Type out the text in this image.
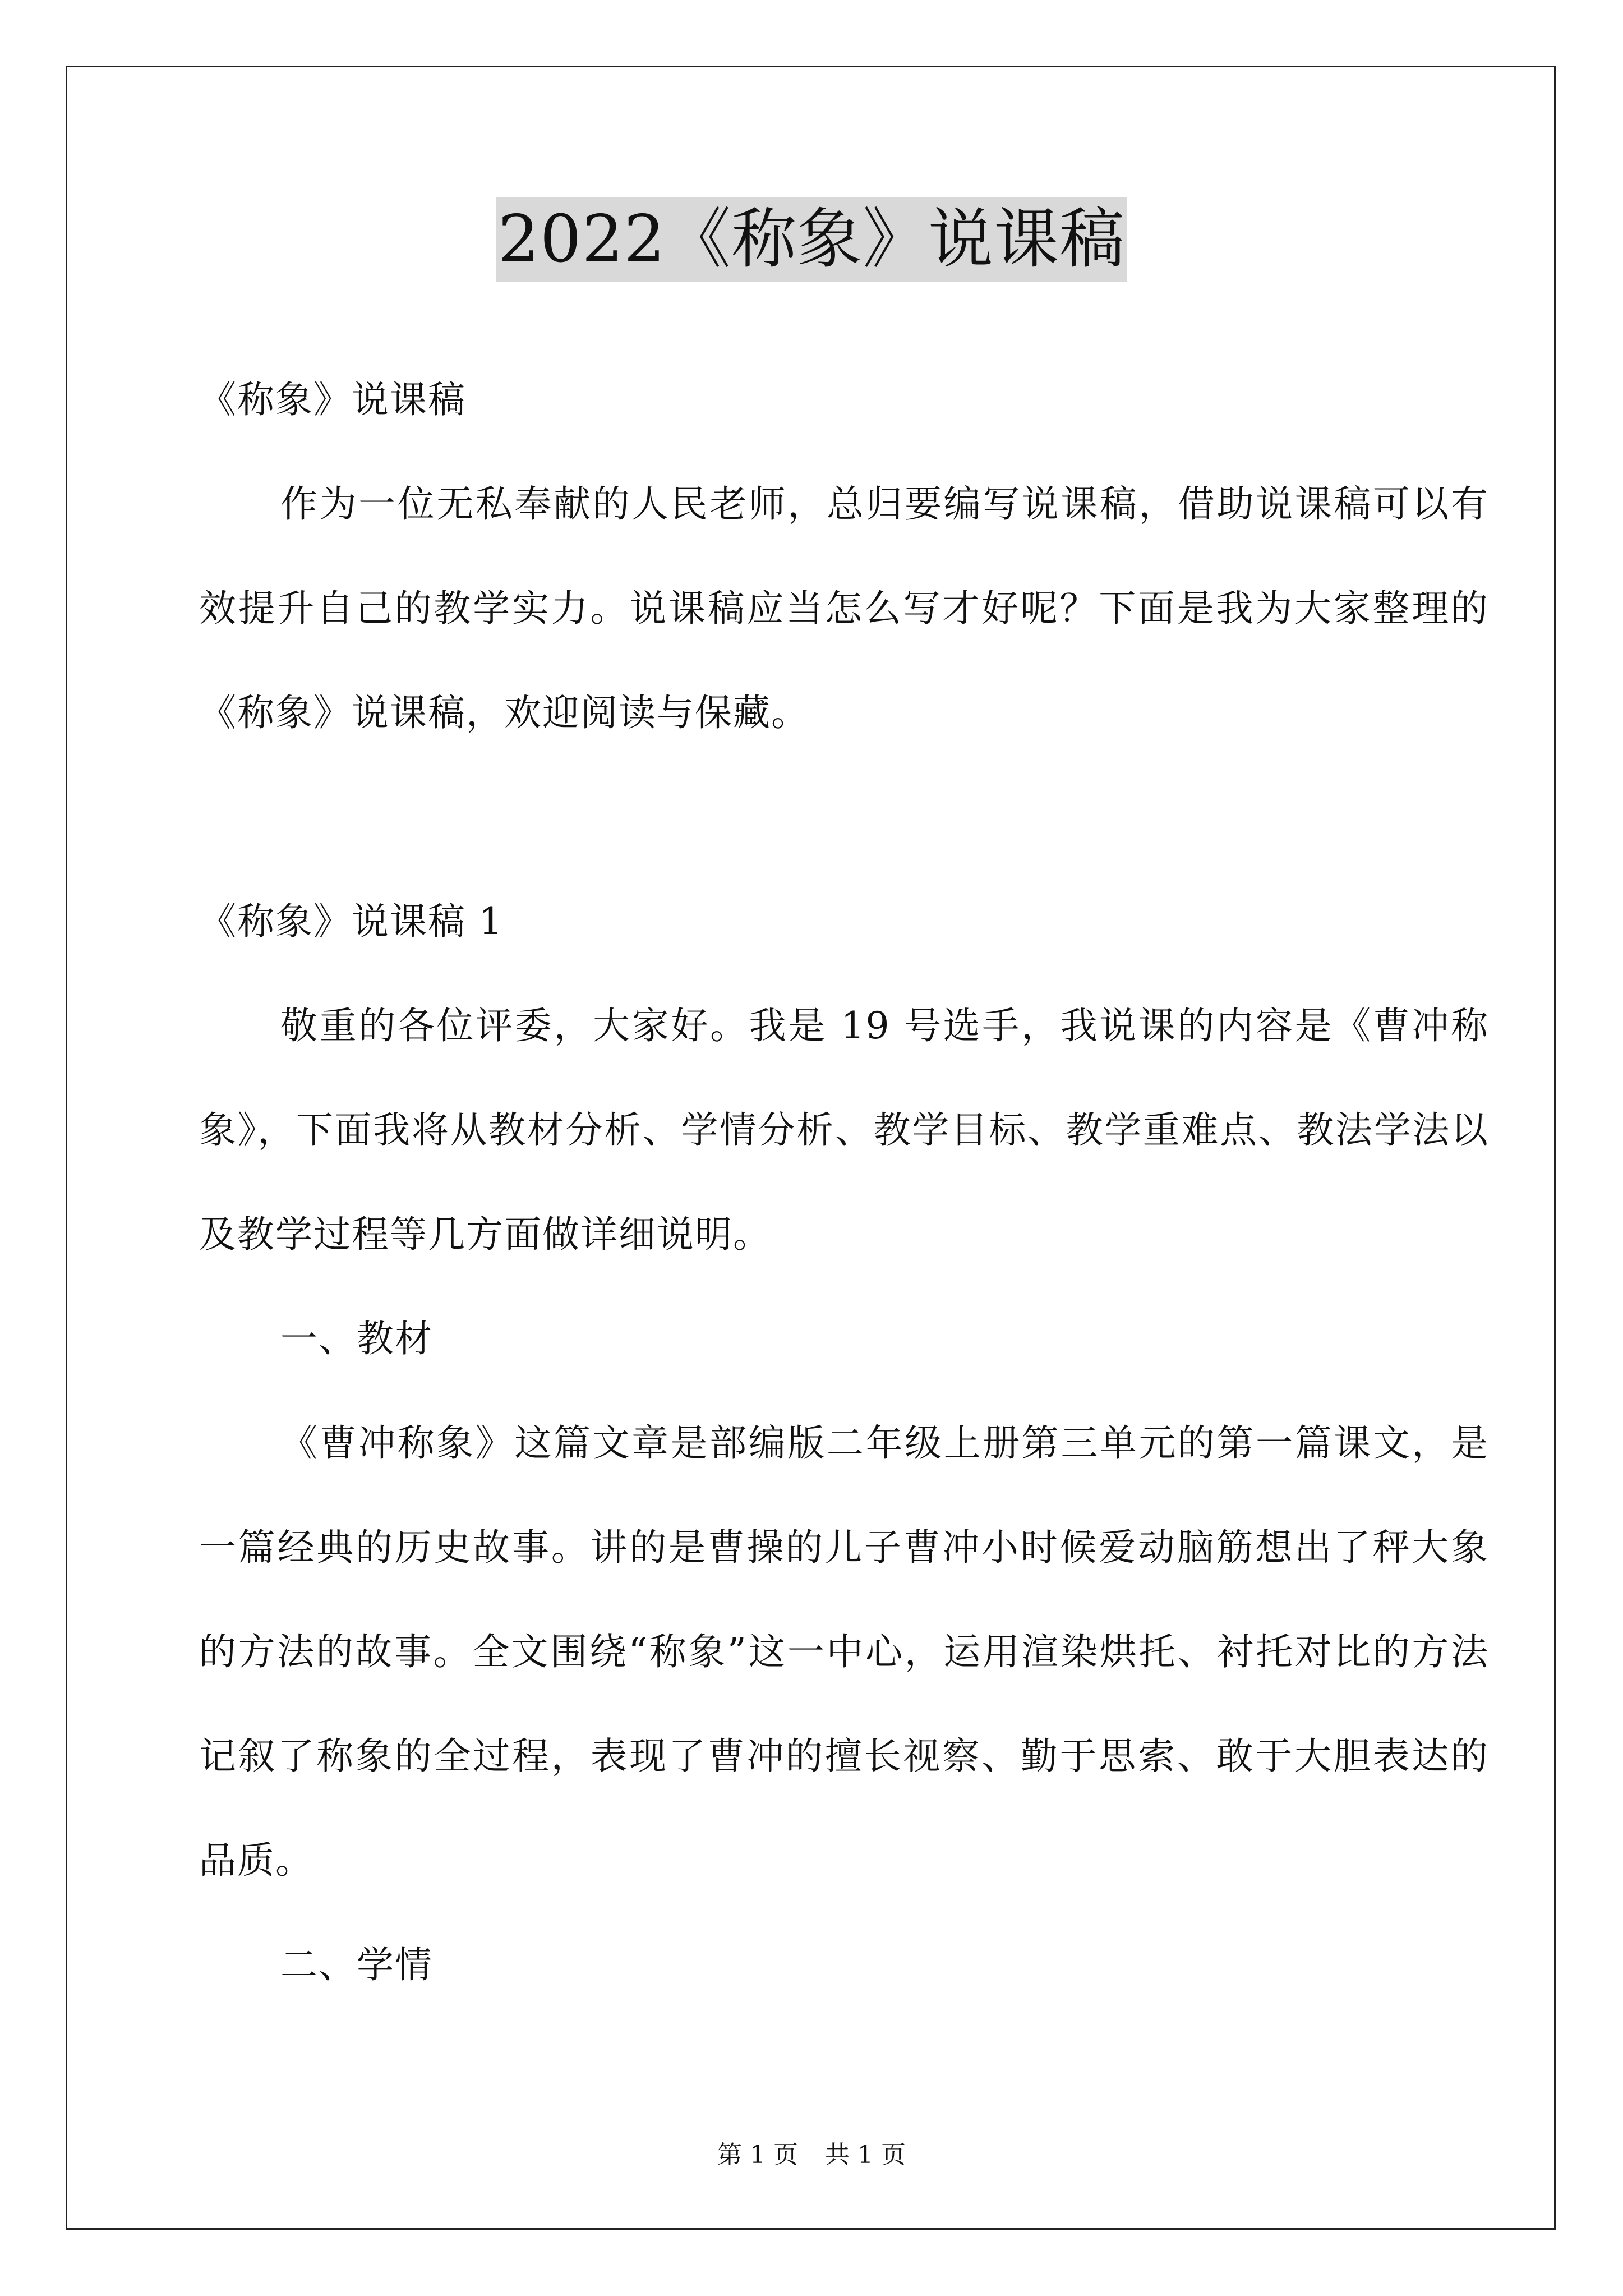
2022《称象》说课稿

《称象》说课稿

作为一位无私奉献的人民老师，总归要编写说课稿，借助说课稿可以有效提升自己的教学实力。说课稿应当怎么写才好呢？下面是我为大家整理的《称象》说课稿，欢迎阅读与保藏。

《称象》说课稿 1

敬重的各位评委，大家好。我是 19 号选手，我说课的内容是《曹冲称象》，下面我将从教材分析、学情分析、教学目标、教学重难点、教法学法以及教学过程等几方面做详细说明。

一、教材

《曹冲称象》这篇文章是部编版二年级上册第三单元的第一篇课文，是一篇经典的历史故事。讲的是曹操的儿子曹冲小时候爱动脑筋想出了秤大象的方法的故事。全文围绕“称象”这一中心，运用渲染烘托、衬托对比的方法记叙了称象的全过程，表现了曹冲的擅长视察、勤于思索、敢于大胆表达的品质。

二、学情

第 1 页 共 1 页
